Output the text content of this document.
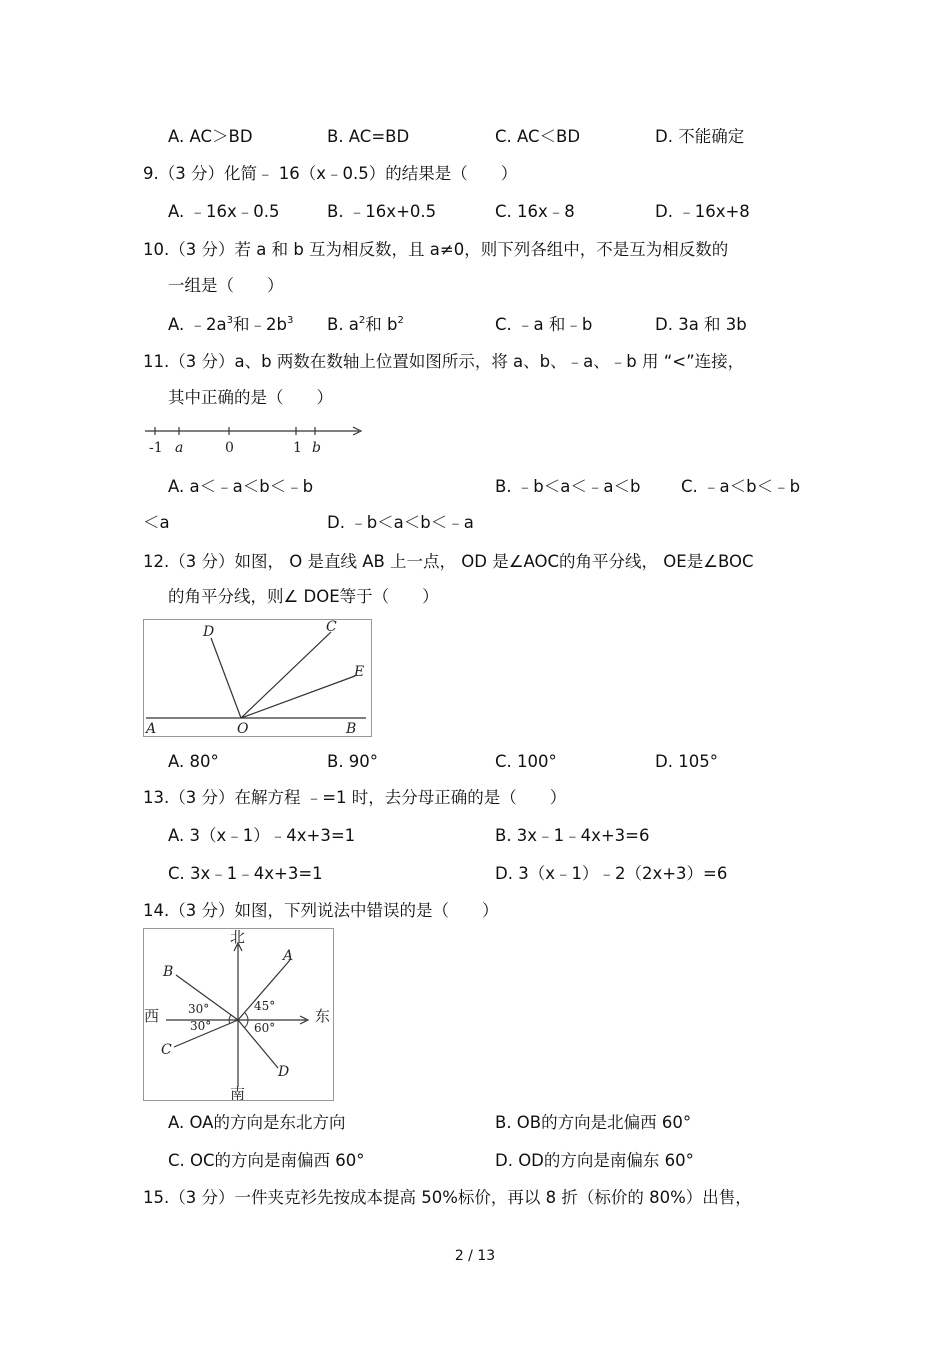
A. AC＞BD	B. AC=BD	C. AC＜BD	D. 不能确定
9.（3 分）化简﹣ 16（x﹣0.5）的结果是（　　）
A. ﹣16x﹣0.5	B. ﹣16x+0.5	C. 16x﹣8	D. ﹣16x+8
10.（3 分）若 a 和 b 互为相反数，且 a≠0，则下列各组中，不是互为相反数的
一组是（　　）
A. $﹣2a^3$和$﹣2b^3$ B. $a^2$和 $b^2$	C. ﹣a 和﹣b	D. 3a 和 3b
11.（3 分）a、b 两数在数轴上位置如图所示，将 a、b、﹣a、﹣b 用 “<”连接，
其中正确的是（　　）
-1 a	0	1 b
A. a＜﹣a＜b＜﹣b	B. ﹣b＜a＜﹣a＜b C. ﹣a＜b＜﹣b
＜a	D. ﹣b＜a＜b＜﹣a
12.（3 分）如图， O 是直线 AB 上一点， OD 是∠AOC的角平分线， OE是∠BOC
的角平分线，则∠ DOE等于（　　）
D	C
E
A	O	B
A. 80°	B. 90°	C. 100°	D. 105°
13.（3 分）在解方程 ﹣=1 时，去分母正确的是（　　）
A. 3（x﹣1）﹣4x+3=1	B. 3x﹣1﹣4x+3=6
C. 3x﹣1﹣4x+3=1	D. 3（x﹣1）﹣2（2x+3）=6
14.（3 分）如图，下列说法中错误的是（　　）
北
南
西	东
A
B
C
D
30°
30°
45°
60°
A. OA的方向是东北方向	B. OB的方向是北偏西 60°
C. OC的方向是南偏西 60°	D. OD的方向是南偏东 60°
15.（3 分）一件夹克衫先按成本提高 50%标价，再以 8 折（标价的 80%）出售，
2 / 13
